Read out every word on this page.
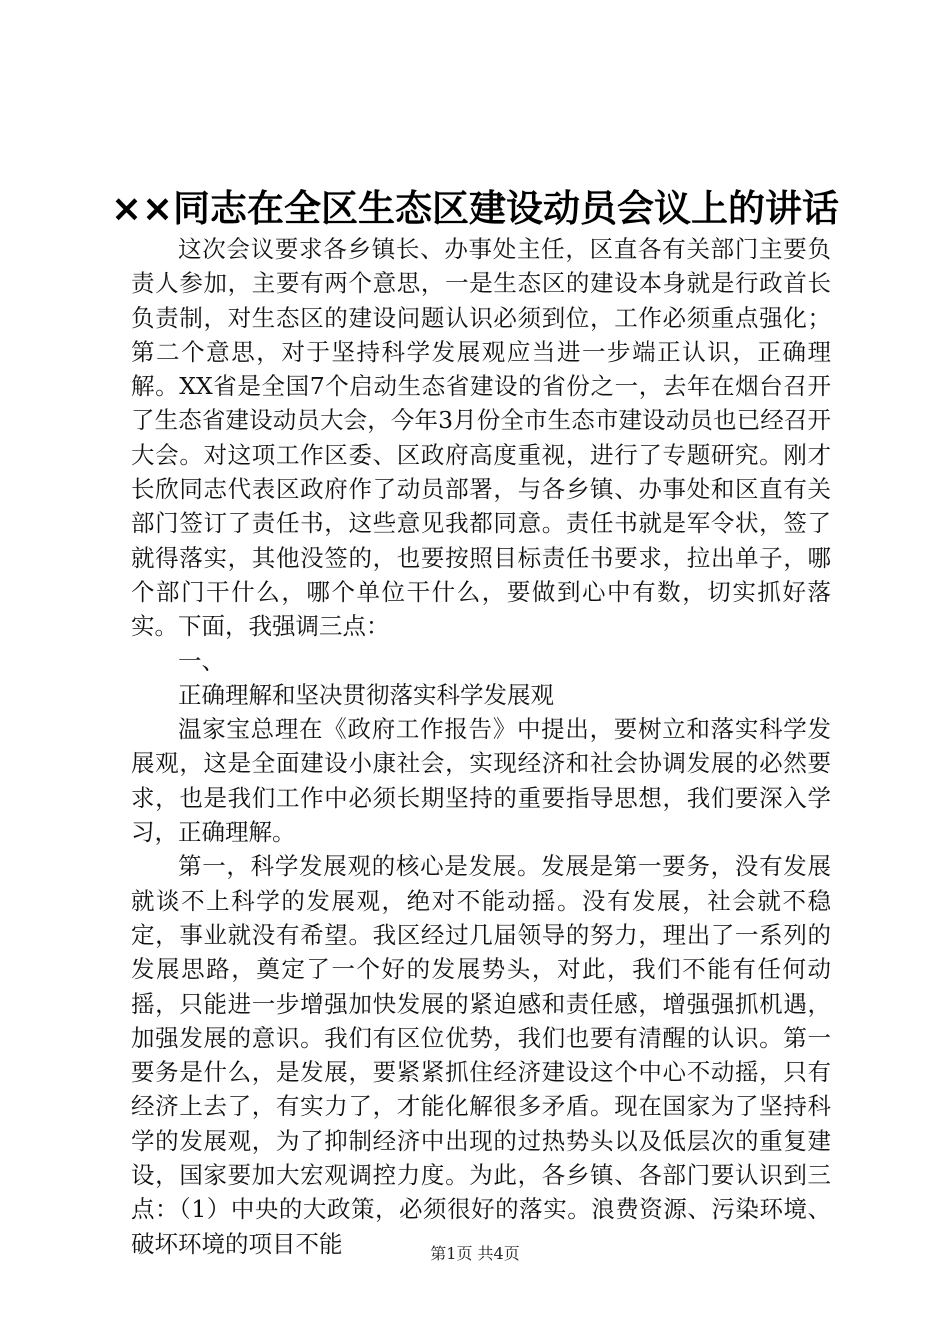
××同志在全区生态区建设动员会议上的讲话

这次会议要求各乡镇长、办事处主任，区直各有关部门主要负责人参加，主要有两个意思，一是生态区的建设本身就是行政首长负责制，对生态区的建设问题认识必须到位，工作必须重点强化；第二个意思，对于坚持科学发展观应当进一步端正认识，正确理解。XX省是全国7个启动生态省建设的省份之一，去年在烟台召开了生态省建设动员大会，今年3月份全市生态市建设动员也已经召开大会。对这项工作区委、区政府高度重视，进行了专题研究。刚才长欣同志代表区政府作了动员部署，与各乡镇、办事处和区直有关部门签订了责任书，这些意见我都同意。责任书就是军令状，签了就得落实，其他没签的，也要按照目标责任书要求，拉出单子，哪个部门干什么，哪个单位干什么，要做到心中有数，切实抓好落实。下面，我强调三点：

一、

正确理解和坚决贯彻落实科学发展观

温家宝总理在《政府工作报告》中提出，要树立和落实科学发展观，这是全面建设小康社会，实现经济和社会协调发展的必然要求，也是我们工作中必须长期坚持的重要指导思想，我们要深入学习，正确理解。

第一，科学发展观的核心是发展。发展是第一要务，没有发展就谈不上科学的发展观，绝对不能动摇。没有发展，社会就不稳定，事业就没有希望。我区经过几届领导的努力，理出了一系列的发展思路，奠定了一个好的发展势头，对此，我们不能有任何动摇，只能进一步增强加快发展的紧迫感和责任感，增强强抓机遇，加强发展的意识。我们有区位优势，我们也要有清醒的认识。第一要务是什么，是发展，要紧紧抓住经济建设这个中心不动摇，只有经济上去了，有实力了，才能化解很多矛盾。现在国家为了坚持科学的发展观，为了抑制经济中出现的过热势头以及低层次的重复建设，国家要加大宏观调控力度。为此，各乡镇、各部门要认识到三点：（1）中央的大政策，必须很好的落实。浪费资源、污染环境、破坏环境的项目不能	第1页 共4页
